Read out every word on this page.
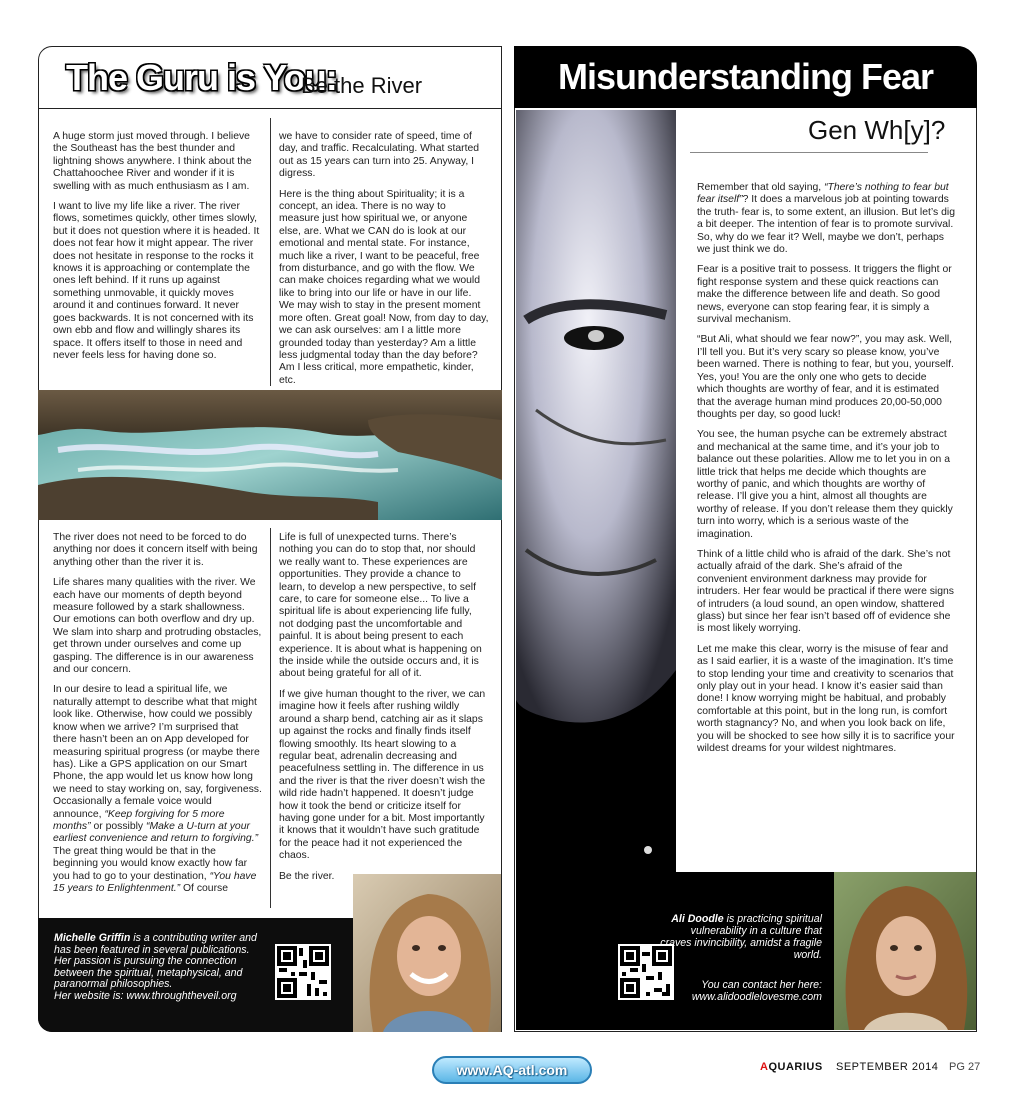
The Guru is You:
Be the River

A huge storm just moved through. I believe the Southeast has the best thunder and lightning shows anywhere. I think about the Chattahoochee River and wonder if it is swelling with as much enthusiasm as I am.

I want to live my life like a river. The river flows, sometimes quickly, other times slowly, but it does not question where it is headed. It does not fear how it might appear. The river does not hesitate in response to the rocks it knows it is approaching or contemplate the ones left behind. If it runs up against something unmovable, it quickly moves around it and continues forward. It never goes backwards. It is not concerned with its own ebb and flow and willingly shares its space. It offers itself to those in need and never feels less for having done so.

we have to consider rate of speed, time of day, and traffic. Recalculating. What started out as 15 years can turn into 25. Anyway, I digress.

Here is the thing about Spirituality; it is a concept, an idea. There is no way to measure just how spiritual we, or anyone else, are. What we CAN do is look at our emotional and mental state. For instance, much like a river, I want to be peaceful, free from disturbance, and go with the flow. We can make choices regarding what we would like to bring into our life or have in our life. We may wish to stay in the present moment more often. Great goal! Now, from day to day, we can ask ourselves: am I a little more grounded today than yesterday? Am a little less judgmental today than the day before? Am I less critical, more empathetic, kinder, etc.

The river does not need to be forced to do anything nor does it concern itself with being anything other than the river it is.

Life shares many qualities with the river. We each have our moments of depth beyond measure followed by a stark shallowness. Our emotions can both overflow and dry up. We slam into sharp and protruding obstacles, get thrown under ourselves and come up gasping. The difference is in our awareness and our concern.

In our desire to lead a spiritual life, we naturally attempt to describe what that might look like. Otherwise, how could we possibly know when we arrive? I’m surprised that there hasn’t been an on App developed for measuring spiritual progress (or maybe there has). Like a GPS application on our Smart Phone, the app would let us know how long we need to stay working on, say, forgiveness. Occasionally a female voice would announce, “Keep forgiving for 5 more months” or possibly “Make a U-turn at your earliest convenience and return to forgiving.” The great thing would be that in the beginning you would know exactly how far you had to go to your destination, “You have 15 years to Enlightenment.” Of course

Life is full of unexpected turns. There’s nothing you can do to stop that, nor should we really want to. These experiences are opportunities. They provide a chance to learn, to develop a new perspective, to self care, to care for someone else... To live a spiritual life is about experiencing life fully, not dodging past the uncomfortable and painful. It is about being present to each experience. It is about what is happening on the inside while the outside occurs and, it is about being grateful for all of it.

If we give human thought to the river, we can imagine how it feels after rushing wildly around a sharp bend, catching air as it slaps up against the rocks and finally finds itself flowing smoothly. Its heart slowing to a regular beat, adrenalin decreasing and peacefulness settling in. The difference in us and the river is that the river doesn’t wish the wild ride hadn’t happened. It doesn’t judge how it took the bend or criticize itself for having gone under for a bit. Most importantly it knows that it wouldn’t have such gratitude for the peace had it not experienced the chaos.

Be the river.

Michelle Griffin is a contributing writer and has been featured in several publications. Her passion is pursuing the connection between the spiritual, metaphysical, and paranormal philosophies.
Her website is: www.throughtheveil.org
Misunderstanding Fear
Gen Wh[y]?

Remember that old saying, “There’s nothing to fear but fear itself”? It does a marvelous job at pointing towards the truth- fear is, to some extent, an illusion. But let’s dig a bit deeper. The intention of fear is to promote survival. So, why do we fear it? Well, maybe we don’t, perhaps we just think we do.

Fear is a positive trait to possess. It triggers the flight or fight response system and these quick reactions can make the difference between life and death. So good news, everyone can stop fearing fear, it is simply a survival mechanism.

“But Ali, what should we fear now?”, you may ask. Well, I’ll tell you. But it’s very scary so please know, you’ve been warned. There is nothing to fear, but you, yourself. Yes, you! You are the only one who gets to decide which thoughts are worthy of fear, and it is estimated that the average human mind produces 20,00-50,000 thoughts per day, so good luck!

You see, the human psyche can be extremely abstract and mechanical at the same time, and it’s your job to balance out these polarities. Allow me to let you in on a little trick that helps me decide which thoughts are worthy of panic, and which thoughts are worthy of release. I’ll give you a hint, almost all thoughts are worthy of release. If you don’t release them they quickly turn into worry, which is a serious waste of the imagination.

Think of a little child who is afraid of the dark. She’s not actually afraid of the dark. She’s afraid of the convenient environment darkness may provide for intruders. Her fear would be practical if there were signs of intruders (a loud sound, an open window, shattered glass) but since her fear isn’t based off of evidence she is most likely worrying.

Let me make this clear, worry is the misuse of fear and as I said earlier, it is a waste of the imagination. It’s time to stop lending your time and creativity to scenarios that only play out in your head. I know it’s easier said than done! I know worrying might be habitual, and probably comfortable at this point, but in the long run, is comfort worth stagnancy? No, and when you look back on life, you will be shocked to see how silly it is to sacrifice your wildest dreams for your wildest nightmares.

Ali Doodle is practicing spiritual vulnerability in a culture that craves invincibility, amidst a fragile world.
You can contact her here:
www.alidoodlelovesme.com
www.AQ-atl.com	AQUARIUS SEPTEMBER 2014 PG 27
